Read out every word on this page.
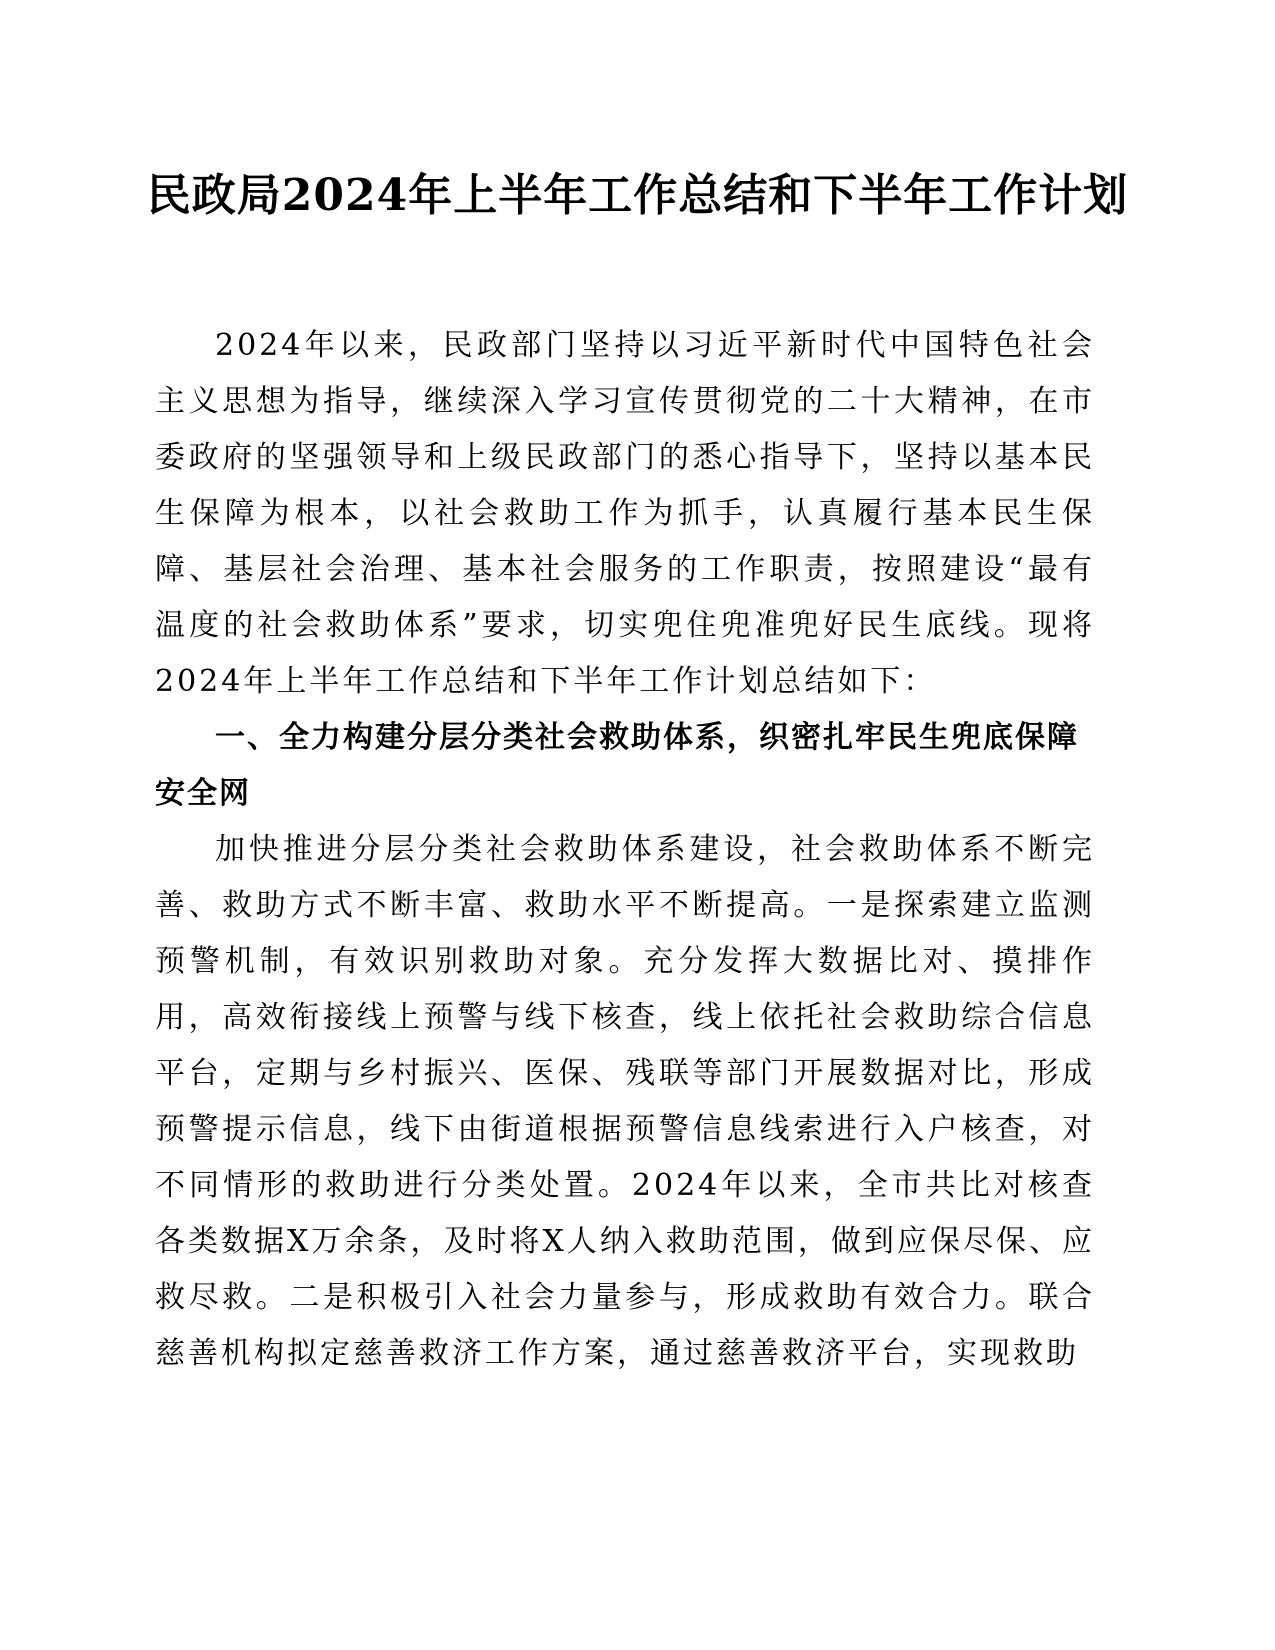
民政局2024年上半年工作总结和下半年工作计划

2024年以来，民政部门坚持以习近平新时代中国特色社会主义思想为指导，继续深入学习宣传贯彻党的二十大精神，在市委政府的坚强领导和上级民政部门的悉心指导下，坚持以基本民生保障为根本，以社会救助工作为抓手，认真履行基本民生保障、基层社会治理、基本社会服务的工作职责，按照建设“最有温度的社会救助体系”要求，切实兜住兜准兜好民生底线。现将2024年上半年工作总结和下半年工作计划总结如下：

一、全力构建分层分类社会救助体系，织密扎牢民生兜底保障安全网

加快推进分层分类社会救助体系建设，社会救助体系不断完善、救助方式不断丰富、救助水平不断提高。一是探索建立监测预警机制，有效识别救助对象。充分发挥大数据比对、摸排作用，高效衔接线上预警与线下核查，线上依托社会救助综合信息平台，定期与乡村振兴、医保、残联等部门开展数据对比，形成预警提示信息，线下由街道根据预警信息线索进行入户核查，对不同情形的救助进行分类处置。2024年以来，全市共比对核查各类数据X万余条，及时将X人纳入救助范围，做到应保尽保、应救尽救。二是积极引入社会力量参与，形成救助有效合力。联合慈善机构拟定慈善救济工作方案，通过慈善救济平台，实现救助
